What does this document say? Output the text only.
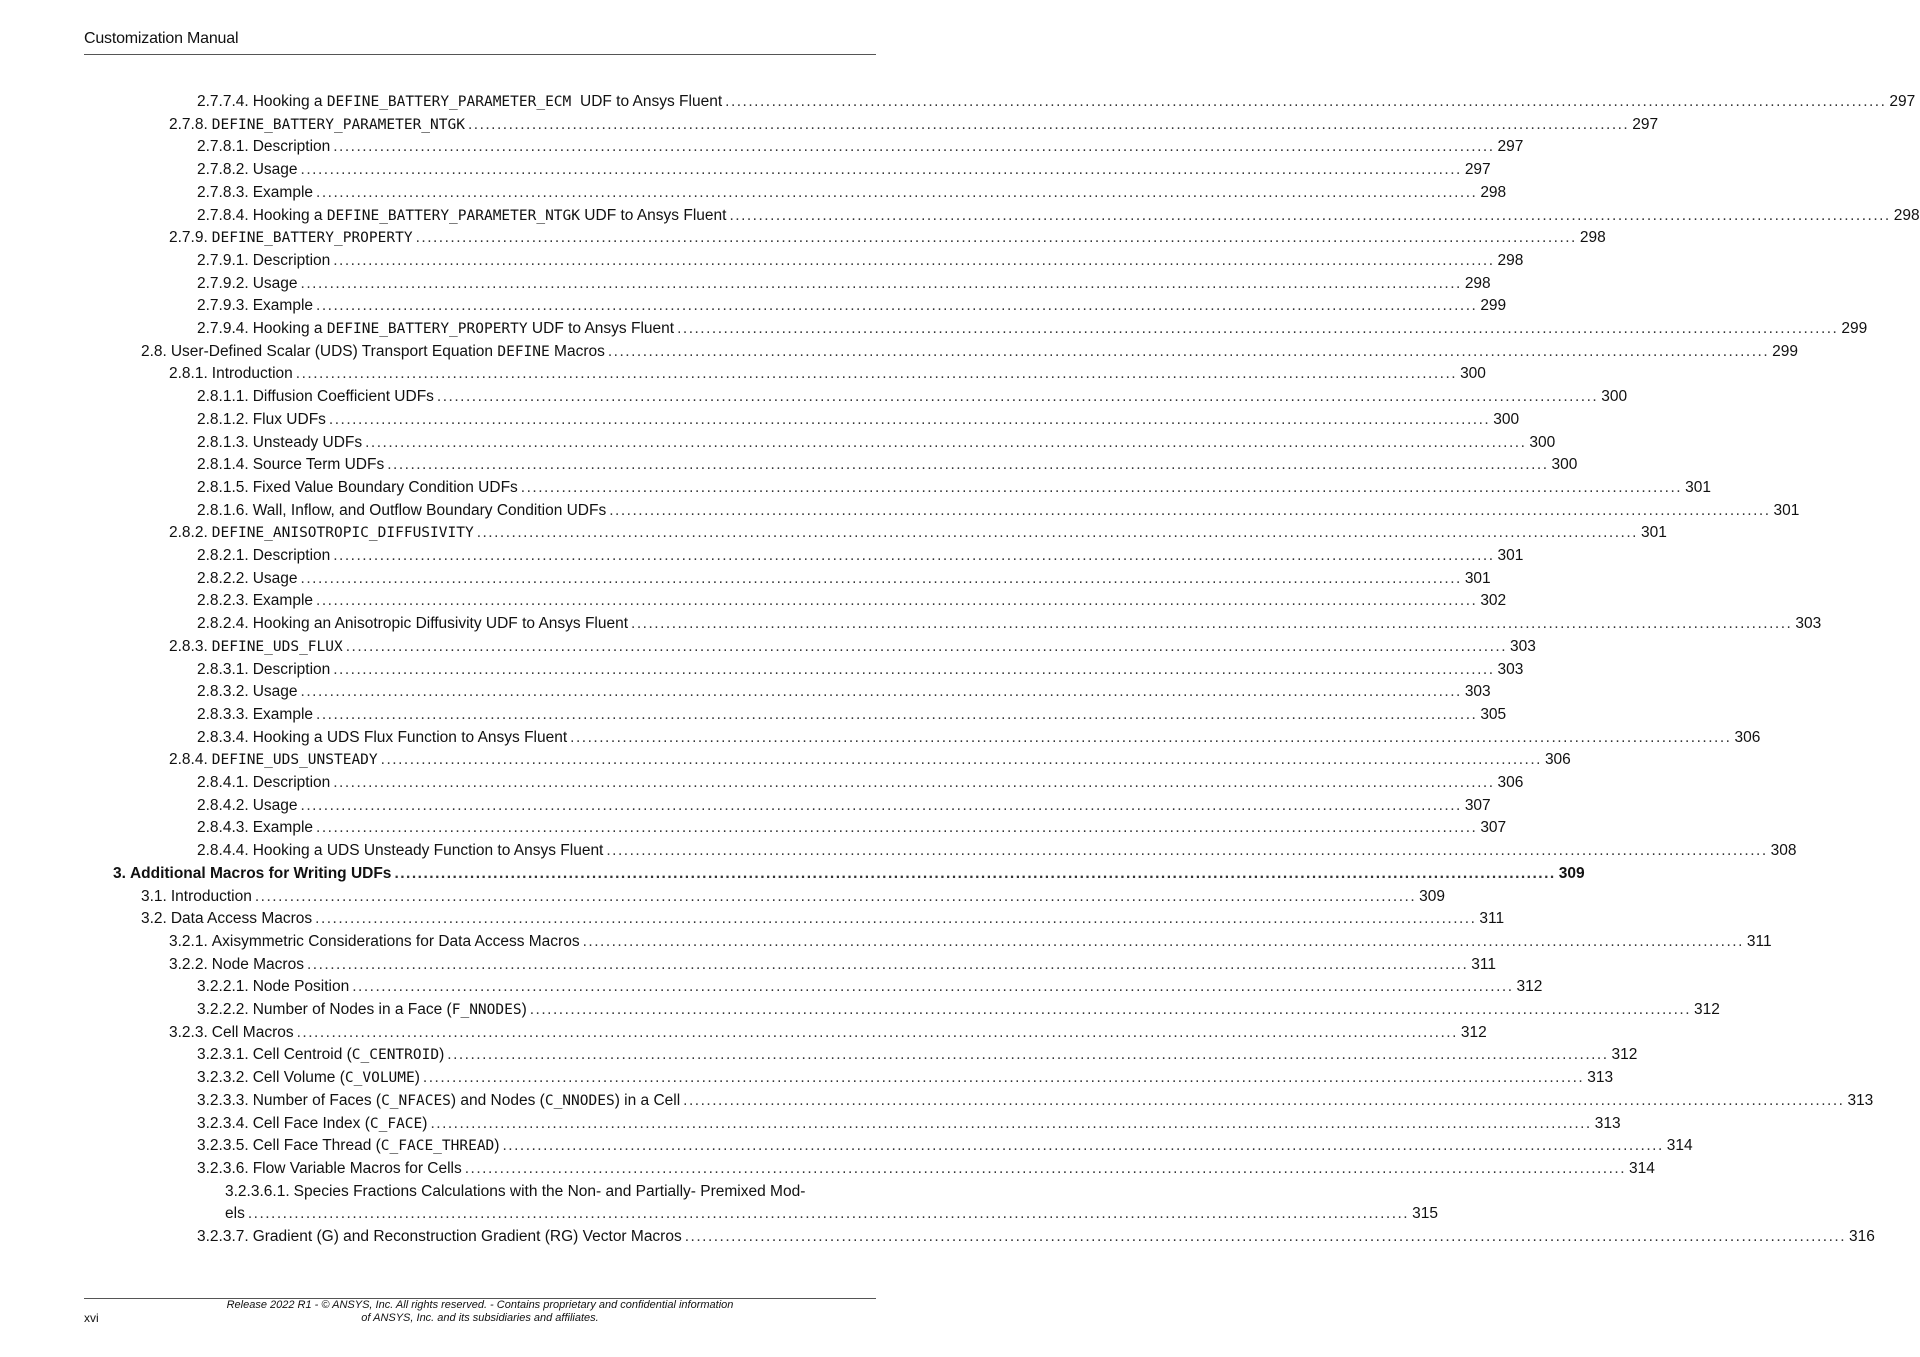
Customization Manual
2.7.7.4. Hooking a DEFINE_BATTERY_PARAMETER_ECM UDF to Ansys Fluent ........................................................................................................................................................................................................ 297
2.7.8. DEFINE_BATTERY_PARAMETER_NTGK ........................................................................................................................................................................................................ 297
2.7.8.1. Description ........................................................................................................................................................................................................ 297
2.7.8.2. Usage ........................................................................................................................................................................................................ 297
2.7.8.3. Example ........................................................................................................................................................................................................ 298
2.7.8.4. Hooking a DEFINE_BATTERY_PARAMETER_NTGK UDF to Ansys Fluent ........................................................................................................................................................................................................ 298
2.7.9. DEFINE_BATTERY_PROPERTY ........................................................................................................................................................................................................ 298
2.7.9.1. Description ........................................................................................................................................................................................................ 298
2.7.9.2. Usage ........................................................................................................................................................................................................ 298
2.7.9.3. Example ........................................................................................................................................................................................................ 299
2.7.9.4. Hooking a DEFINE_BATTERY_PROPERTY UDF to Ansys Fluent ........................................................................................................................................................................................................ 299
2.8. User-Defined Scalar (UDS) Transport Equation DEFINE Macros ........................................................................................................................................................................................................ 299
2.8.1. Introduction ........................................................................................................................................................................................................ 300
2.8.1.1. Diffusion Coefficient UDFs ........................................................................................................................................................................................................ 300
2.8.1.2. Flux UDFs ........................................................................................................................................................................................................ 300
2.8.1.3. Unsteady UDFs ........................................................................................................................................................................................................ 300
2.8.1.4. Source Term UDFs ........................................................................................................................................................................................................ 300
2.8.1.5. Fixed Value Boundary Condition UDFs ........................................................................................................................................................................................................ 301
2.8.1.6. Wall, Inflow, and Outflow Boundary Condition UDFs ........................................................................................................................................................................................................ 301
2.8.2. DEFINE_ANISOTROPIC_DIFFUSIVITY ........................................................................................................................................................................................................ 301
2.8.2.1. Description ........................................................................................................................................................................................................ 301
2.8.2.2. Usage ........................................................................................................................................................................................................ 301
2.8.2.3. Example ........................................................................................................................................................................................................ 302
2.8.2.4. Hooking an Anisotropic Diffusivity UDF to Ansys Fluent ........................................................................................................................................................................................................ 303
2.8.3. DEFINE_UDS_FLUX ........................................................................................................................................................................................................ 303
2.8.3.1. Description ........................................................................................................................................................................................................ 303
2.8.3.2. Usage ........................................................................................................................................................................................................ 303
2.8.3.3. Example ........................................................................................................................................................................................................ 305
2.8.3.4. Hooking a UDS Flux Function to Ansys Fluent ........................................................................................................................................................................................................ 306
2.8.4. DEFINE_UDS_UNSTEADY ........................................................................................................................................................................................................ 306
2.8.4.1. Description ........................................................................................................................................................................................................ 306
2.8.4.2. Usage ........................................................................................................................................................................................................ 307
2.8.4.3. Example ........................................................................................................................................................................................................ 307
2.8.4.4. Hooking a UDS Unsteady Function to Ansys Fluent ........................................................................................................................................................................................................ 308
3. Additional Macros for Writing UDFs ........................................................................................................................................................................................................ 309
3.1. Introduction ........................................................................................................................................................................................................ 309
3.2. Data Access Macros ........................................................................................................................................................................................................ 311
3.2.1. Axisymmetric Considerations for Data Access Macros ........................................................................................................................................................................................................ 311
3.2.2. Node Macros ........................................................................................................................................................................................................ 311
3.2.2.1. Node Position ........................................................................................................................................................................................................ 312
3.2.2.2. Number of Nodes in a Face (F_NNODES) ........................................................................................................................................................................................................ 312
3.2.3. Cell Macros ........................................................................................................................................................................................................ 312
3.2.3.1. Cell Centroid (C_CENTROID) ........................................................................................................................................................................................................ 312
3.2.3.2. Cell Volume (C_VOLUME) ........................................................................................................................................................................................................ 313
3.2.3.3. Number of Faces (C_NFACES) and Nodes (C_NNODES) in a Cell ........................................................................................................................................................................................................ 313
3.2.3.4. Cell Face Index (C_FACE) ........................................................................................................................................................................................................ 313
3.2.3.5. Cell Face Thread (C_FACE_THREAD) ........................................................................................................................................................................................................ 314
3.2.3.6. Flow Variable Macros for Cells ........................................................................................................................................................................................................ 314
3.2.3.6.1. Species Fractions Calculations with the Non- and Partially- Premixed Mod-
els ........................................................................................................................................................................................................ 315
3.2.3.7. Gradient (G) and Reconstruction Gradient (RG) Vector Macros ........................................................................................................................................................................................................ 316
xvi
Release 2022 R1 - © ANSYS, Inc. All rights reserved. - Contains proprietary and confidential information
of ANSYS, Inc. and its subsidiaries and affiliates.
